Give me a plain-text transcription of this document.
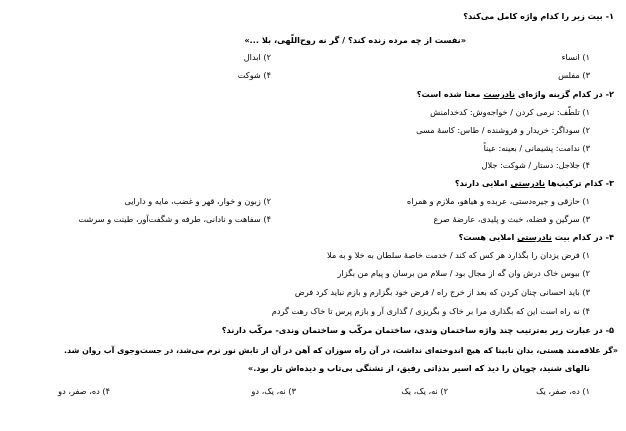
۱- بیت زیر را کدام واژه کامل می‌کند؟
«نفست از چه مرده زنده کند؟ / گر نه روح‌اللّهی، بلا ...»
۱) انساء
۲) ابدال
۳) مفلس
۴) شوکت
۲- در کدام گزینه واژه‌ای نادرست معنا شده است؟
۱) تلطّف: نرمی کردن / خواجه‌وش: کدخدامنش
۲) سوداگر: خریدار و فروشنده / طاس: کاسهٔ مسی
۳) ندامت: پشیمانی / بعینه: عیناً
۴) جلاجل: دستار / شوکت: جلال
۳- کدام ترکیب‌ها نادرستی املایی دارند؟
۱) حازقی و جیره‌دستی، عربده و هیاهو، ملازم و همراه
۲) زبون و خوار، قهر و غضب، مایه و دارایی
۳) سرگین و فضله، خبث و پلیدی، عارضهٔ صرع
۴) سفاهت و نادانی، طرفه و شگفت‌آور، طینت و سرشت
۴- در کدام بیت نادرستی املایی هست؟
۱) فرض یزدان را بگذارد هر کس که کند / خدمت خاصهٔ سلطان به خلا و به ملا
۲) ببوس خاک درش وان گه از مجال بود / سلام من برسان و پیام من بگزار
۳) باید احسانی چنان کردن که بعد از خرج راه / فرض خود بگزارم و بازم نباید کرد فرض
۴) نه راه است این که بگذاری مرا بر خاک و بگریزی / گذاری آر و بازم پرس تا خاک رهت گردم
۵- در عبارت زیر به‌ترتیب چند واژه ساختمان وندی، ساختمان مرکّب و ساختمان وندی- مرکّب دارند؟
«گر علاقه‌مند هستی، بدان نابینا که هیچ اندوخته‌ای نداشت، در آن راه سوزان که آهن در آن از تابش نور نرم می‌شد، در جست‌وجوی آب روان شد.
نالهای شنید، چوپان را دید که اسیر بدذاتی رفیق، از تشنگی بی‌تاب و دیده‌اش تار بود.»
۱) ده، صفر، یک
۲) نه، یک، یک
۳) نه، یک، دو
۴) ده، صفر، دو
